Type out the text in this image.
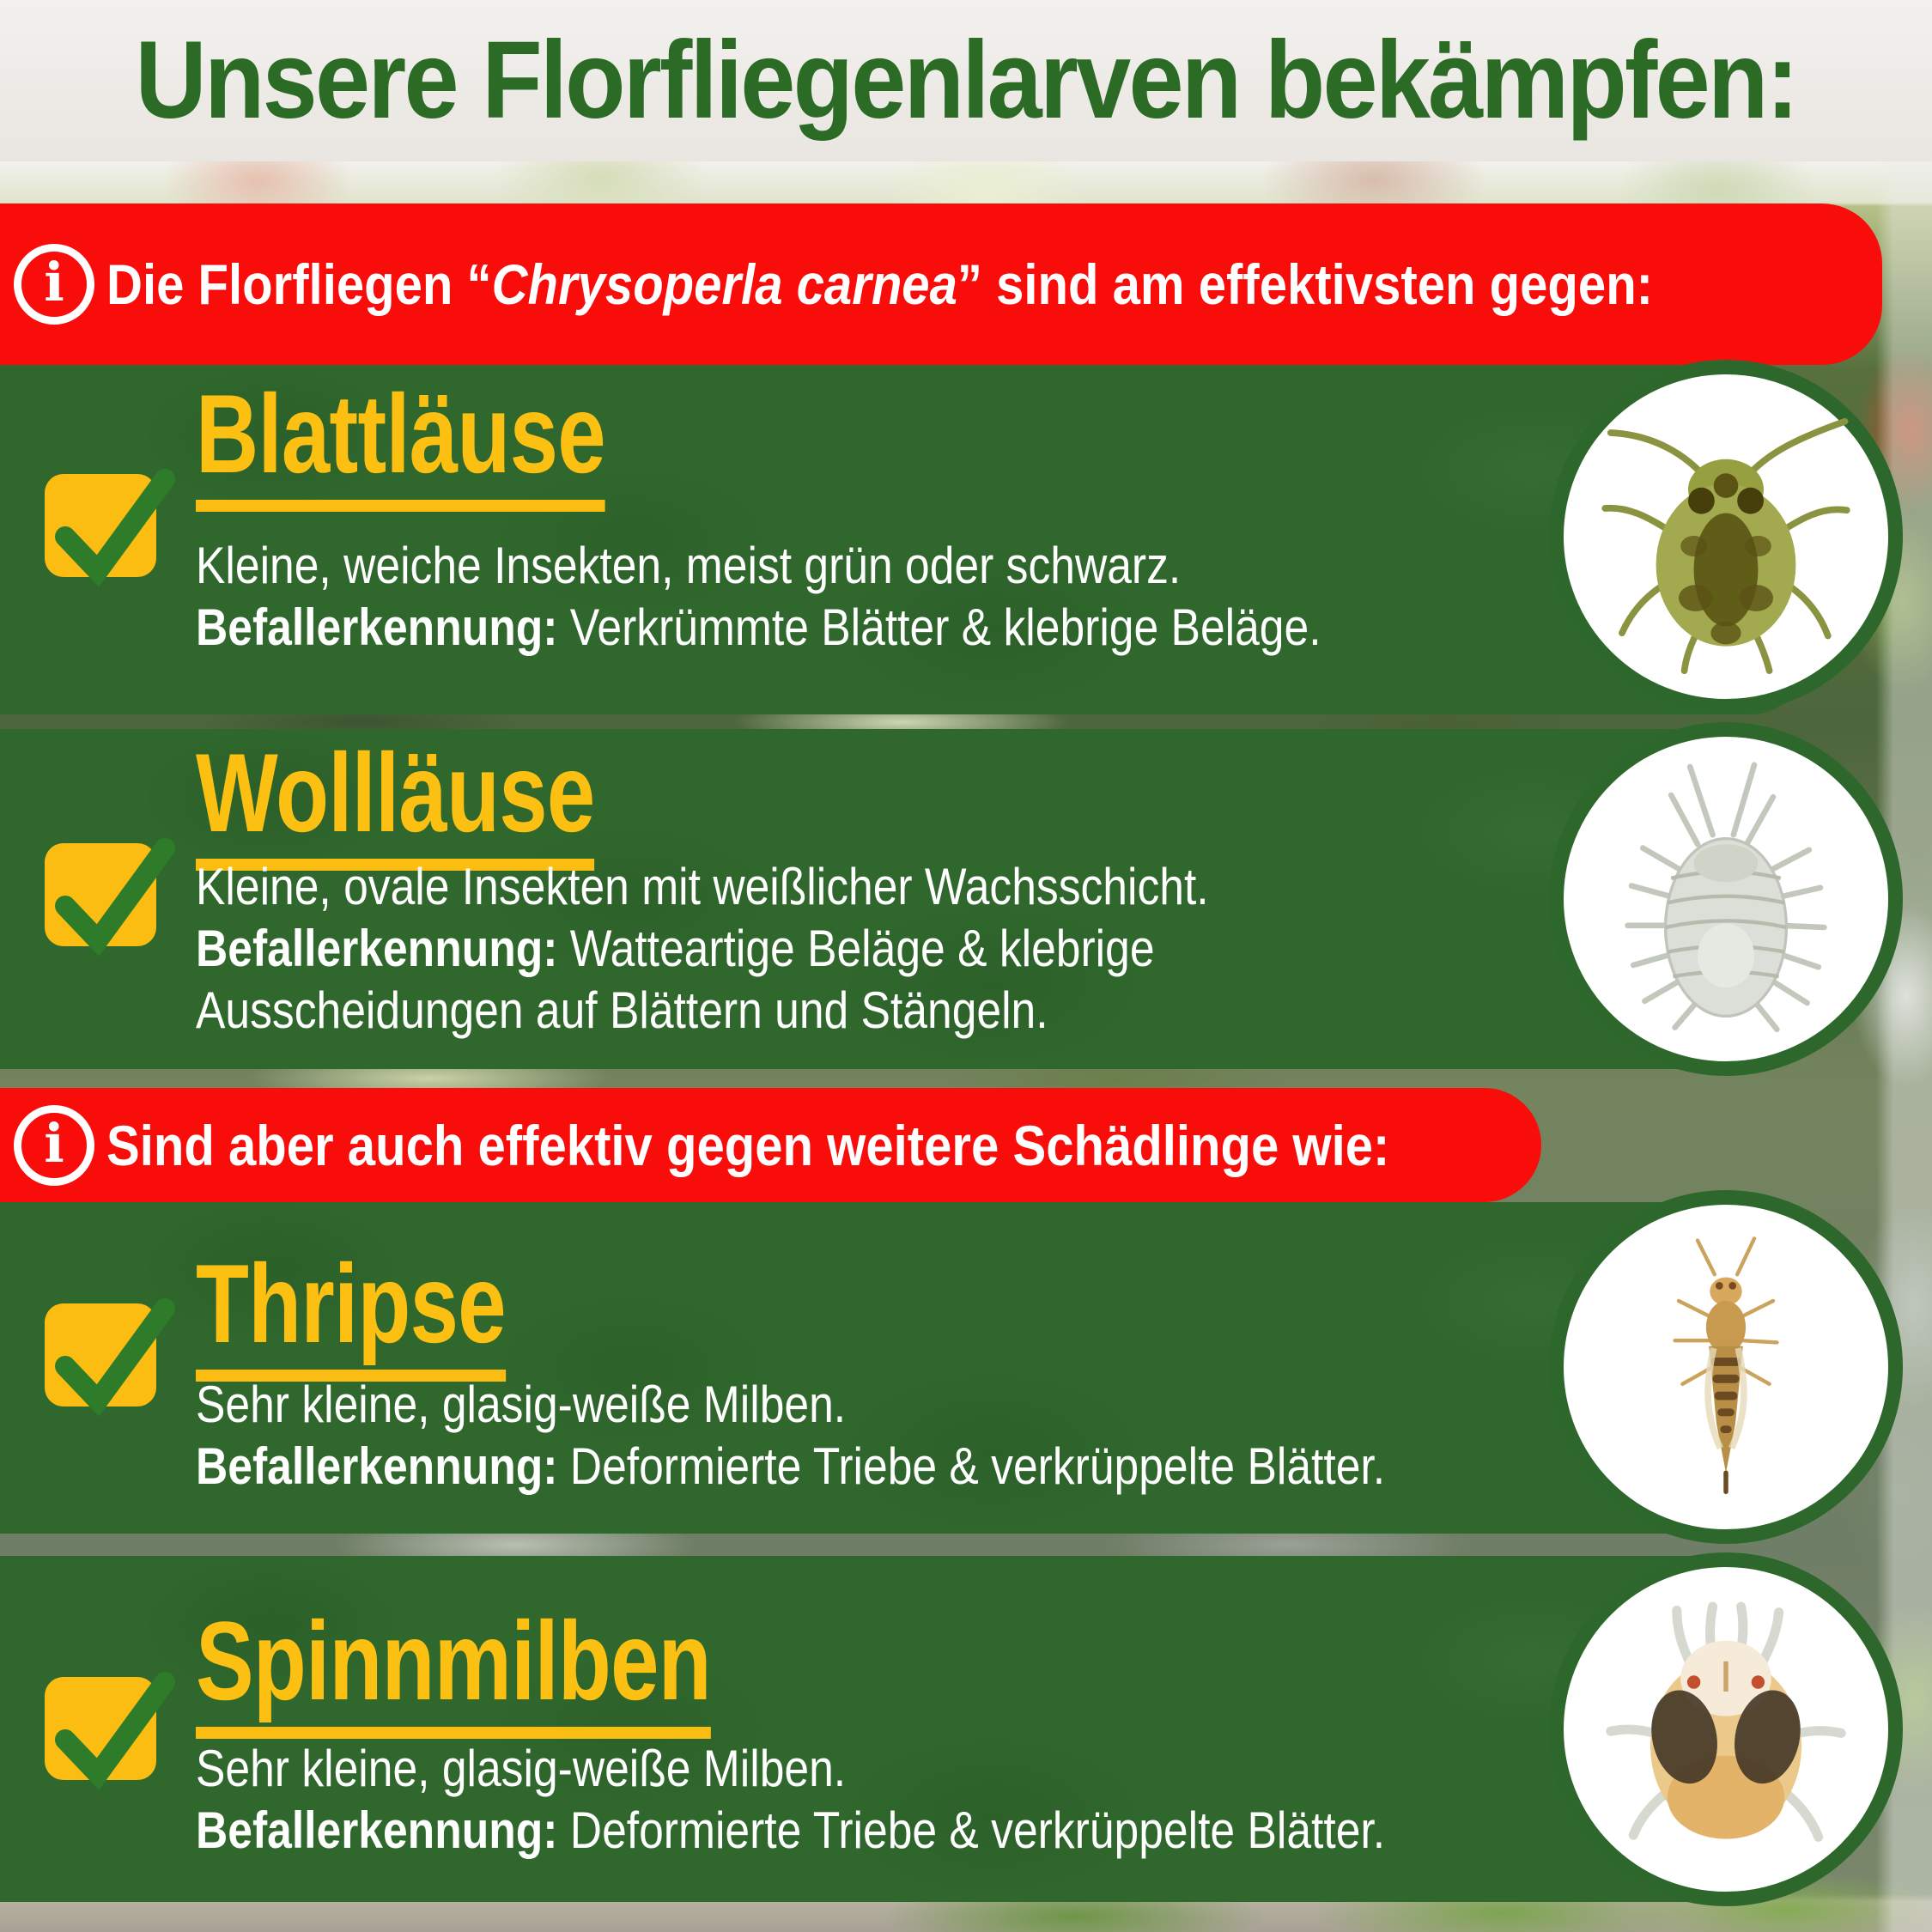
Unsere Florfliegenlarven bekämpfen:
i Die Florfliegen “Chrysoperla carnea” sind am effektivsten gegen:
Blattläuse

Kleine, weiche Insekten, meist grün oder schwarz.
Befallerkennung: Verkrümmte Blätter & klebrige Beläge.

Wollläuse

Kleine, ovale Insekten mit weißlicher Wachsschicht.
Befallerkennung: Watteartige Beläge & klebrige
Ausscheidungen auf Blättern und Stängeln.

i Sind aber auch effektiv gegen weitere Schädlinge wie:
Thripse

Sehr kleine, glasig-weiße Milben.
Befallerkennung: Deformierte Triebe & verkrüppelte Blätter.

Spinnmilben

Sehr kleine, glasig-weiße Milben.
Befallerkennung: Deformierte Triebe & verkrüppelte Blätter.
